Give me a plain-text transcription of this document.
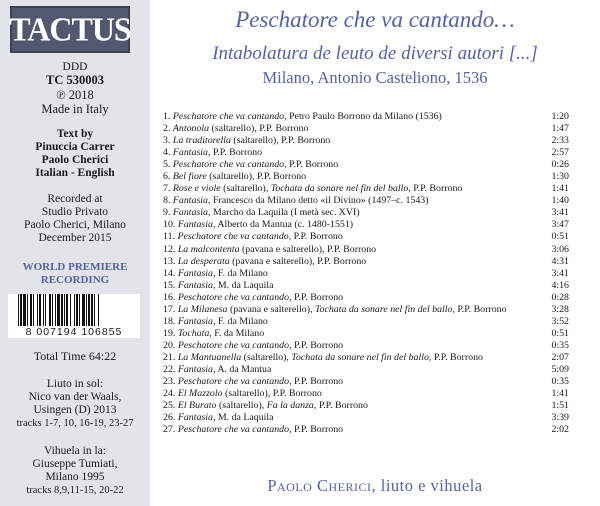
TACTUS
DDD
TC 530003
℗ 2018
Made in Italy
Text by
Pinuccia Carrer
Paolo Cherici
Italian - English
Recorded at
Studio Privato
Paolo Cherici, Milano
December 2015
WORLD PREMIERE
RECORDING
8 007194 106855
Total Time 64:22
Liuto in sol:
Nico van der Waals,
Usingen (D) 2013
tracks 1-7, 10, 16-19, 23-27
Vihuela in la:
Giuseppe Tumiati,
Milano 1995
tracks 8,9,11-15, 20-22
Peschatore che va cantando…
Intabolatura de leuto de diversi autori [...]
Milano, Antonio Casteliono, 1536
1. Peschatore che va cantando, Petro Paulo Borrono da Milano (1536)	1:20
2. Antonola (saltarello), P.P. Borrono	1:47
3. La traditorella (saltarello), P.P. Borrono	2:33
4. Fantasia, P.P. Borrono	2:57
5. Peschatore che va cantando, P.P. Borrono	0:26
6. Bel fiore (saltarello), P.P. Borrono	1:30
7. Rose e viole (saltarello), Tochata da sonare nel fin del ballo, P.P. Borrono	1:41
8. Fantasia, Francesco da Milano detto «il Divino» (1497–c. 1543)	1:40
9. Fantasia, Marcho da Laquila (I metà sec. XVI)	3:41
10. Fantasia, Alberto da Mantua (c. 1480-1551)	3:47
11. Peschatore che va cantando, P.P. Borrono	0:51
12. La malcontenta (pavana e salterello), P.P. Borrono	3:06
13. La desperata (pavana e salterello), P.P. Borrono	4:31
14. Fantasia, F. da Milano	3:41
15. Fantasia, M. da Laquila	4:16
16. Peschatore che va cantando, P.P. Borrono	0:28
17. La Milanesa (pavana e salterello), Tochata da sonare nel fin del ballo, P.P. Borrono	3:28
18. Fantasia, F. da Milano	3:52
19. Tochata, F. da Milano	0:51
20. Peschatore che va cantando, P.P. Borrono	0:35
21. La Mantuanella (saltarello), Tochata da sonare nel fin del ballo, P.P. Borrono	2:07
22. Fantasia, A. da Mantua	5:09
23. Peschatore che va cantando, P.P. Borrono	0:35
24. El Mazzolo (saltarello), P.P. Borrono	1:41
25. El Burato (saltarello), Fa la danza, P.P. Borrono	1:51
26. Fantasia, M. da Laquila	3:39
27. Peschatore che va cantando, P.P. Borrono	2:02
Paolo Cherici, liuto e vihuela
